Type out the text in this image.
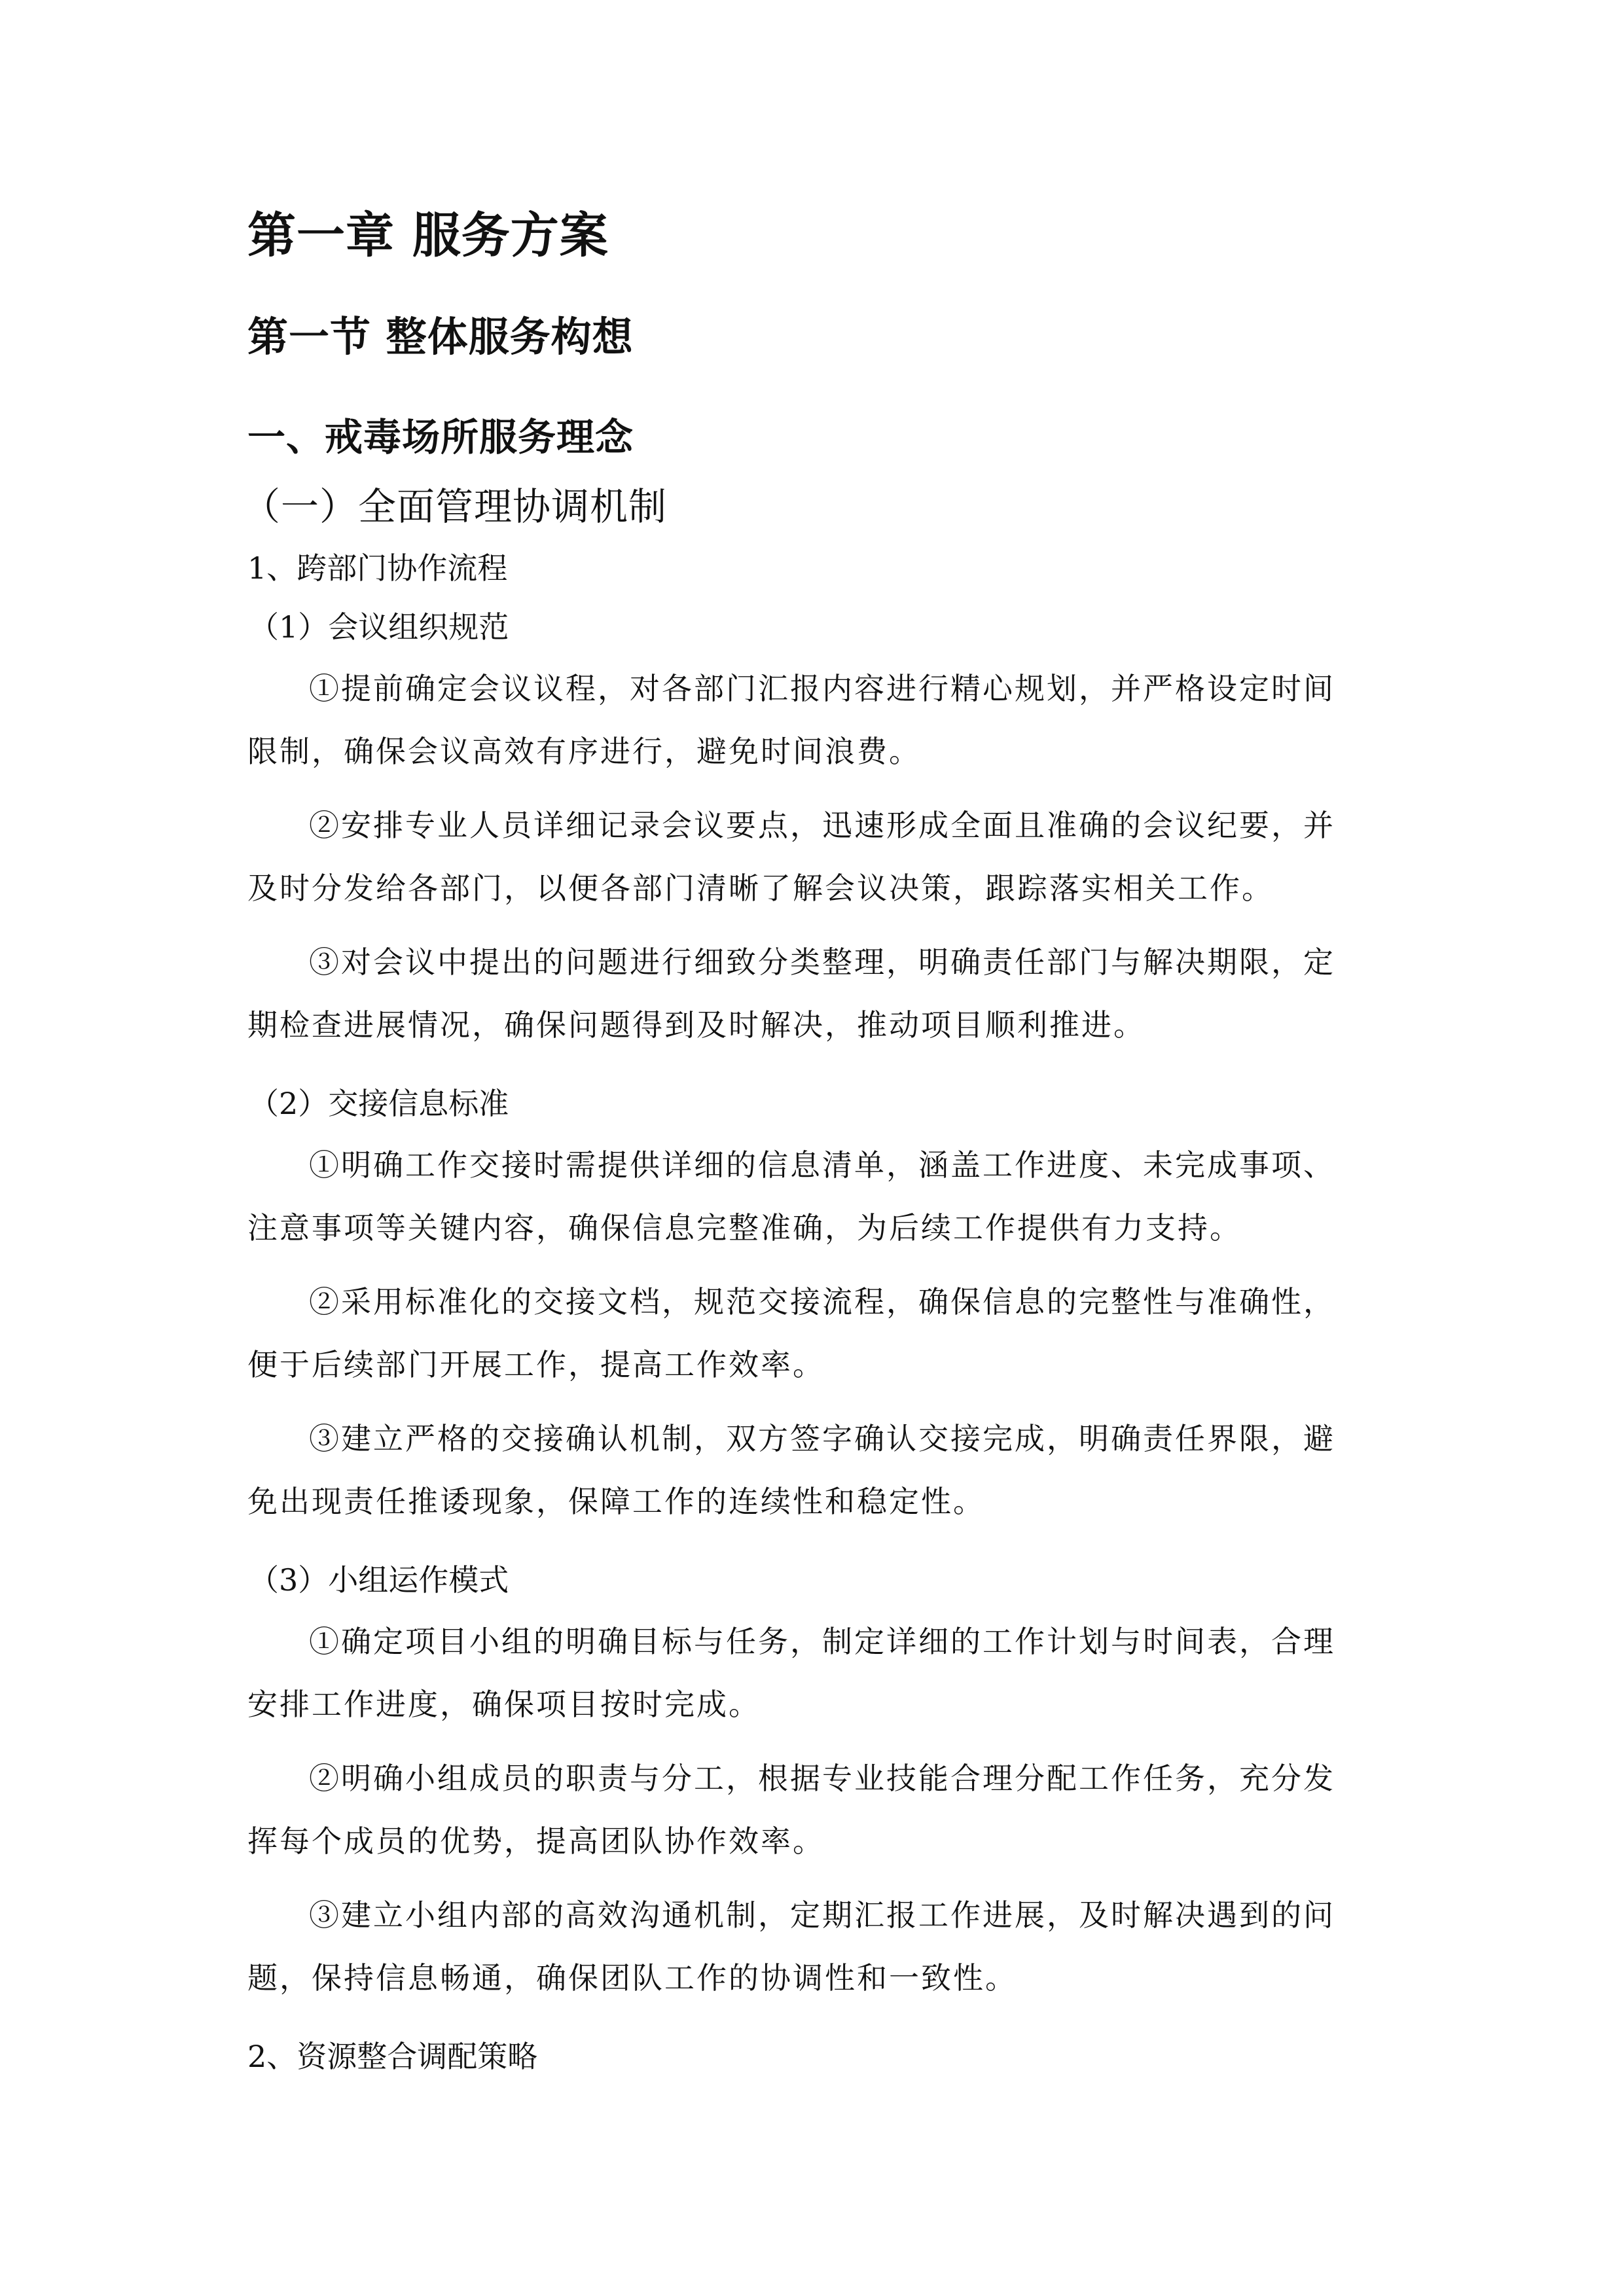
第一章 服务方案
第一节 整体服务构想
一、戒毒场所服务理念
（一）全面管理协调机制
1、跨部门协作流程
（1）会议组织规范
①提前确定会议议程，对各部门汇报内容进行精心规划，并严格设定时间
限制，确保会议高效有序进行，避免时间浪费。
②安排专业人员详细记录会议要点，迅速形成全面且准确的会议纪要，并
及时分发给各部门，以便各部门清晰了解会议决策，跟踪落实相关工作。
③对会议中提出的问题进行细致分类整理，明确责任部门与解决期限，定
期检查进展情况，确保问题得到及时解决，推动项目顺利推进。
（2）交接信息标准
①明确工作交接时需提供详细的信息清单，涵盖工作进度、未完成事项、
注意事项等关键内容，确保信息完整准确，为后续工作提供有力支持。
②采用标准化的交接文档，规范交接流程，确保信息的完整性与准确性，
便于后续部门开展工作，提高工作效率。
③建立严格的交接确认机制，双方签字确认交接完成，明确责任界限，避
免出现责任推诿现象，保障工作的连续性和稳定性。
（3）小组运作模式
①确定项目小组的明确目标与任务，制定详细的工作计划与时间表，合理
安排工作进度，确保项目按时完成。
②明确小组成员的职责与分工，根据专业技能合理分配工作任务，充分发
挥每个成员的优势，提高团队协作效率。
③建立小组内部的高效沟通机制，定期汇报工作进展，及时解决遇到的问
题，保持信息畅通，确保团队工作的协调性和一致性。
2、资源整合调配策略
